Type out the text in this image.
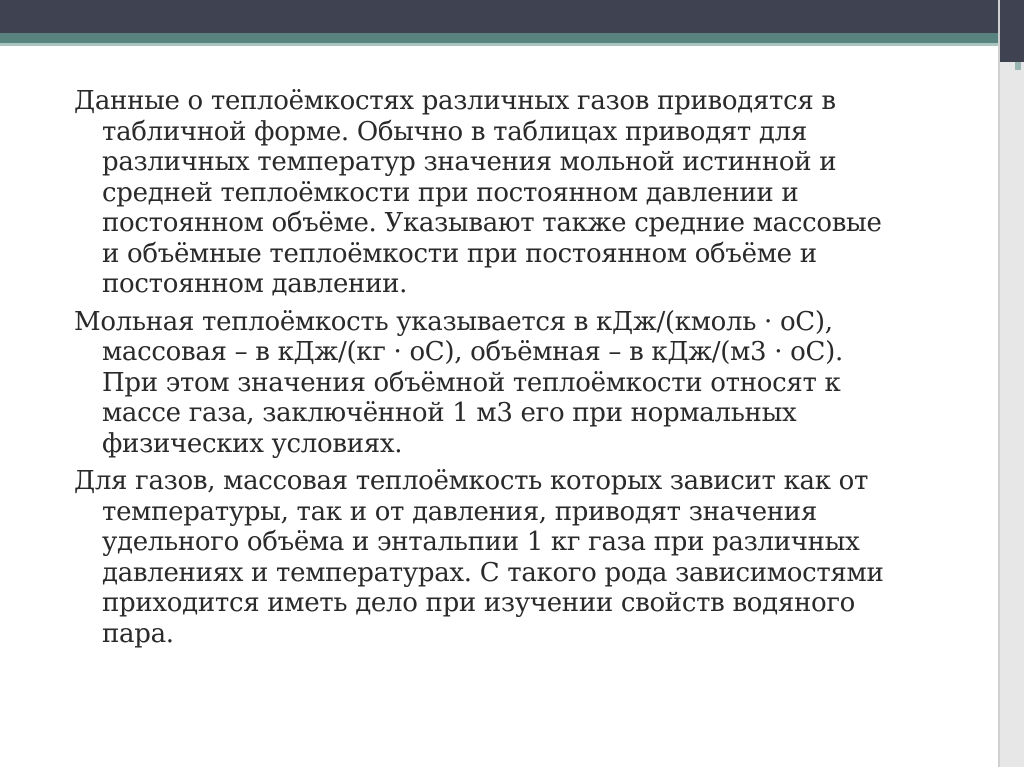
Данные о теплоёмкостях различных газов приводятся в
табличной форме. Обычно в таблицах приводят для
различных температур значения мольной истинной и
средней теплоёмкости при постоянном давлении и
постоянном объёме. Указывают также средние массовые
и объёмные теплоёмкости при постоянном объёме и
постоянном давлении.

Мольная теплоёмкость указывается в кДж/(кмоль · оС),
массовая – в кДж/(кг · оС), объёмная – в кДж/(м3 · оС).
При этом значения объёмной теплоёмкости относят к
массе газа, заключённой 1 м3 его при нормальных
физических условиях.

Для газов, массовая теплоёмкость которых зависит как от
температуры, так и от давления, приводят значения
удельного объёма и энтальпии 1 кг газа при различных
давлениях и температурах. С такого рода зависимостями
приходится иметь дело при изучении свойств водяного
пара.
